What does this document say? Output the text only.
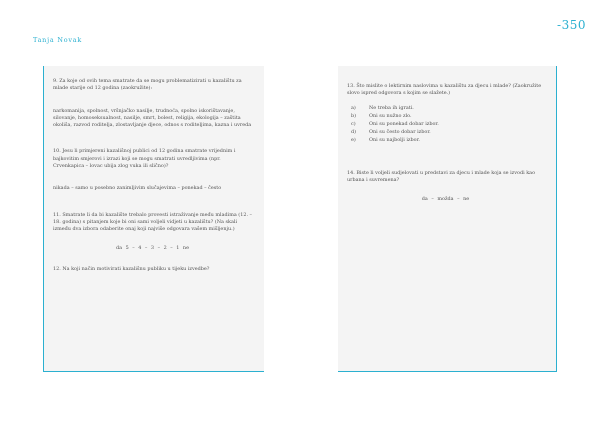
Tanja Novak
-350

9. Za koje od ovih tema smatrate da se mogu problematizirati u kazalištu za mlade starije od 12 godina (zaokružite):

narkomanija, spolnost, vršnjačko nasilje, trudnoća, spolno iskorištavanje, silovanje, homoseksualnost, nasilje, smrt, bolest, religija, ekologija – zaštita okoliša, razvod roditelja, zlostavljanje djece, odnos s roditeljima, kazna i uvreda

10. Jesu li primjereni kazališnoj publici od 12 godina smatrate vrijednim i bajkovitim smjerovi i izrazi koji se mogu smatrati uvredljivima (npr. Crvenkapica – lovac ubija zlog vuka ili slično)?

nikada – samo u posebno zanimljivim slučajevima – ponekad – često

11. Smatrate li da bi kazalište trebalo provesti istraživanje među mladima (12. – 18. godina) s pitanjem koje bi oni sami voljeli vidjeti u kazalištu? (Na skali između dva izbora odaberite onaj koji najviše odgovara vašem mišljenju.)

da 5 – 4 – 3 – 2 – 1 ne

12. Na koji način motivirati kazališnu publiku u tijeku izvedbe?

13. Što mislite o lektirnim naslovima u kazalištu za djecu i mlade? (Zaokružite slovo ispred odgovora s kojim se slažete.)

a)	Ne treba ih igrati.
b)	Oni su nužno zlo.
c)	Oni su ponekad dobar izbor.
d)	Oni su često dobar izbor.
e)	Oni su najbolji izbor.

14. Biste li voljeli sudjelovati u predstavi za djecu i mlade koja se izvodi kao urbana i suvremena?

da – možda – ne
